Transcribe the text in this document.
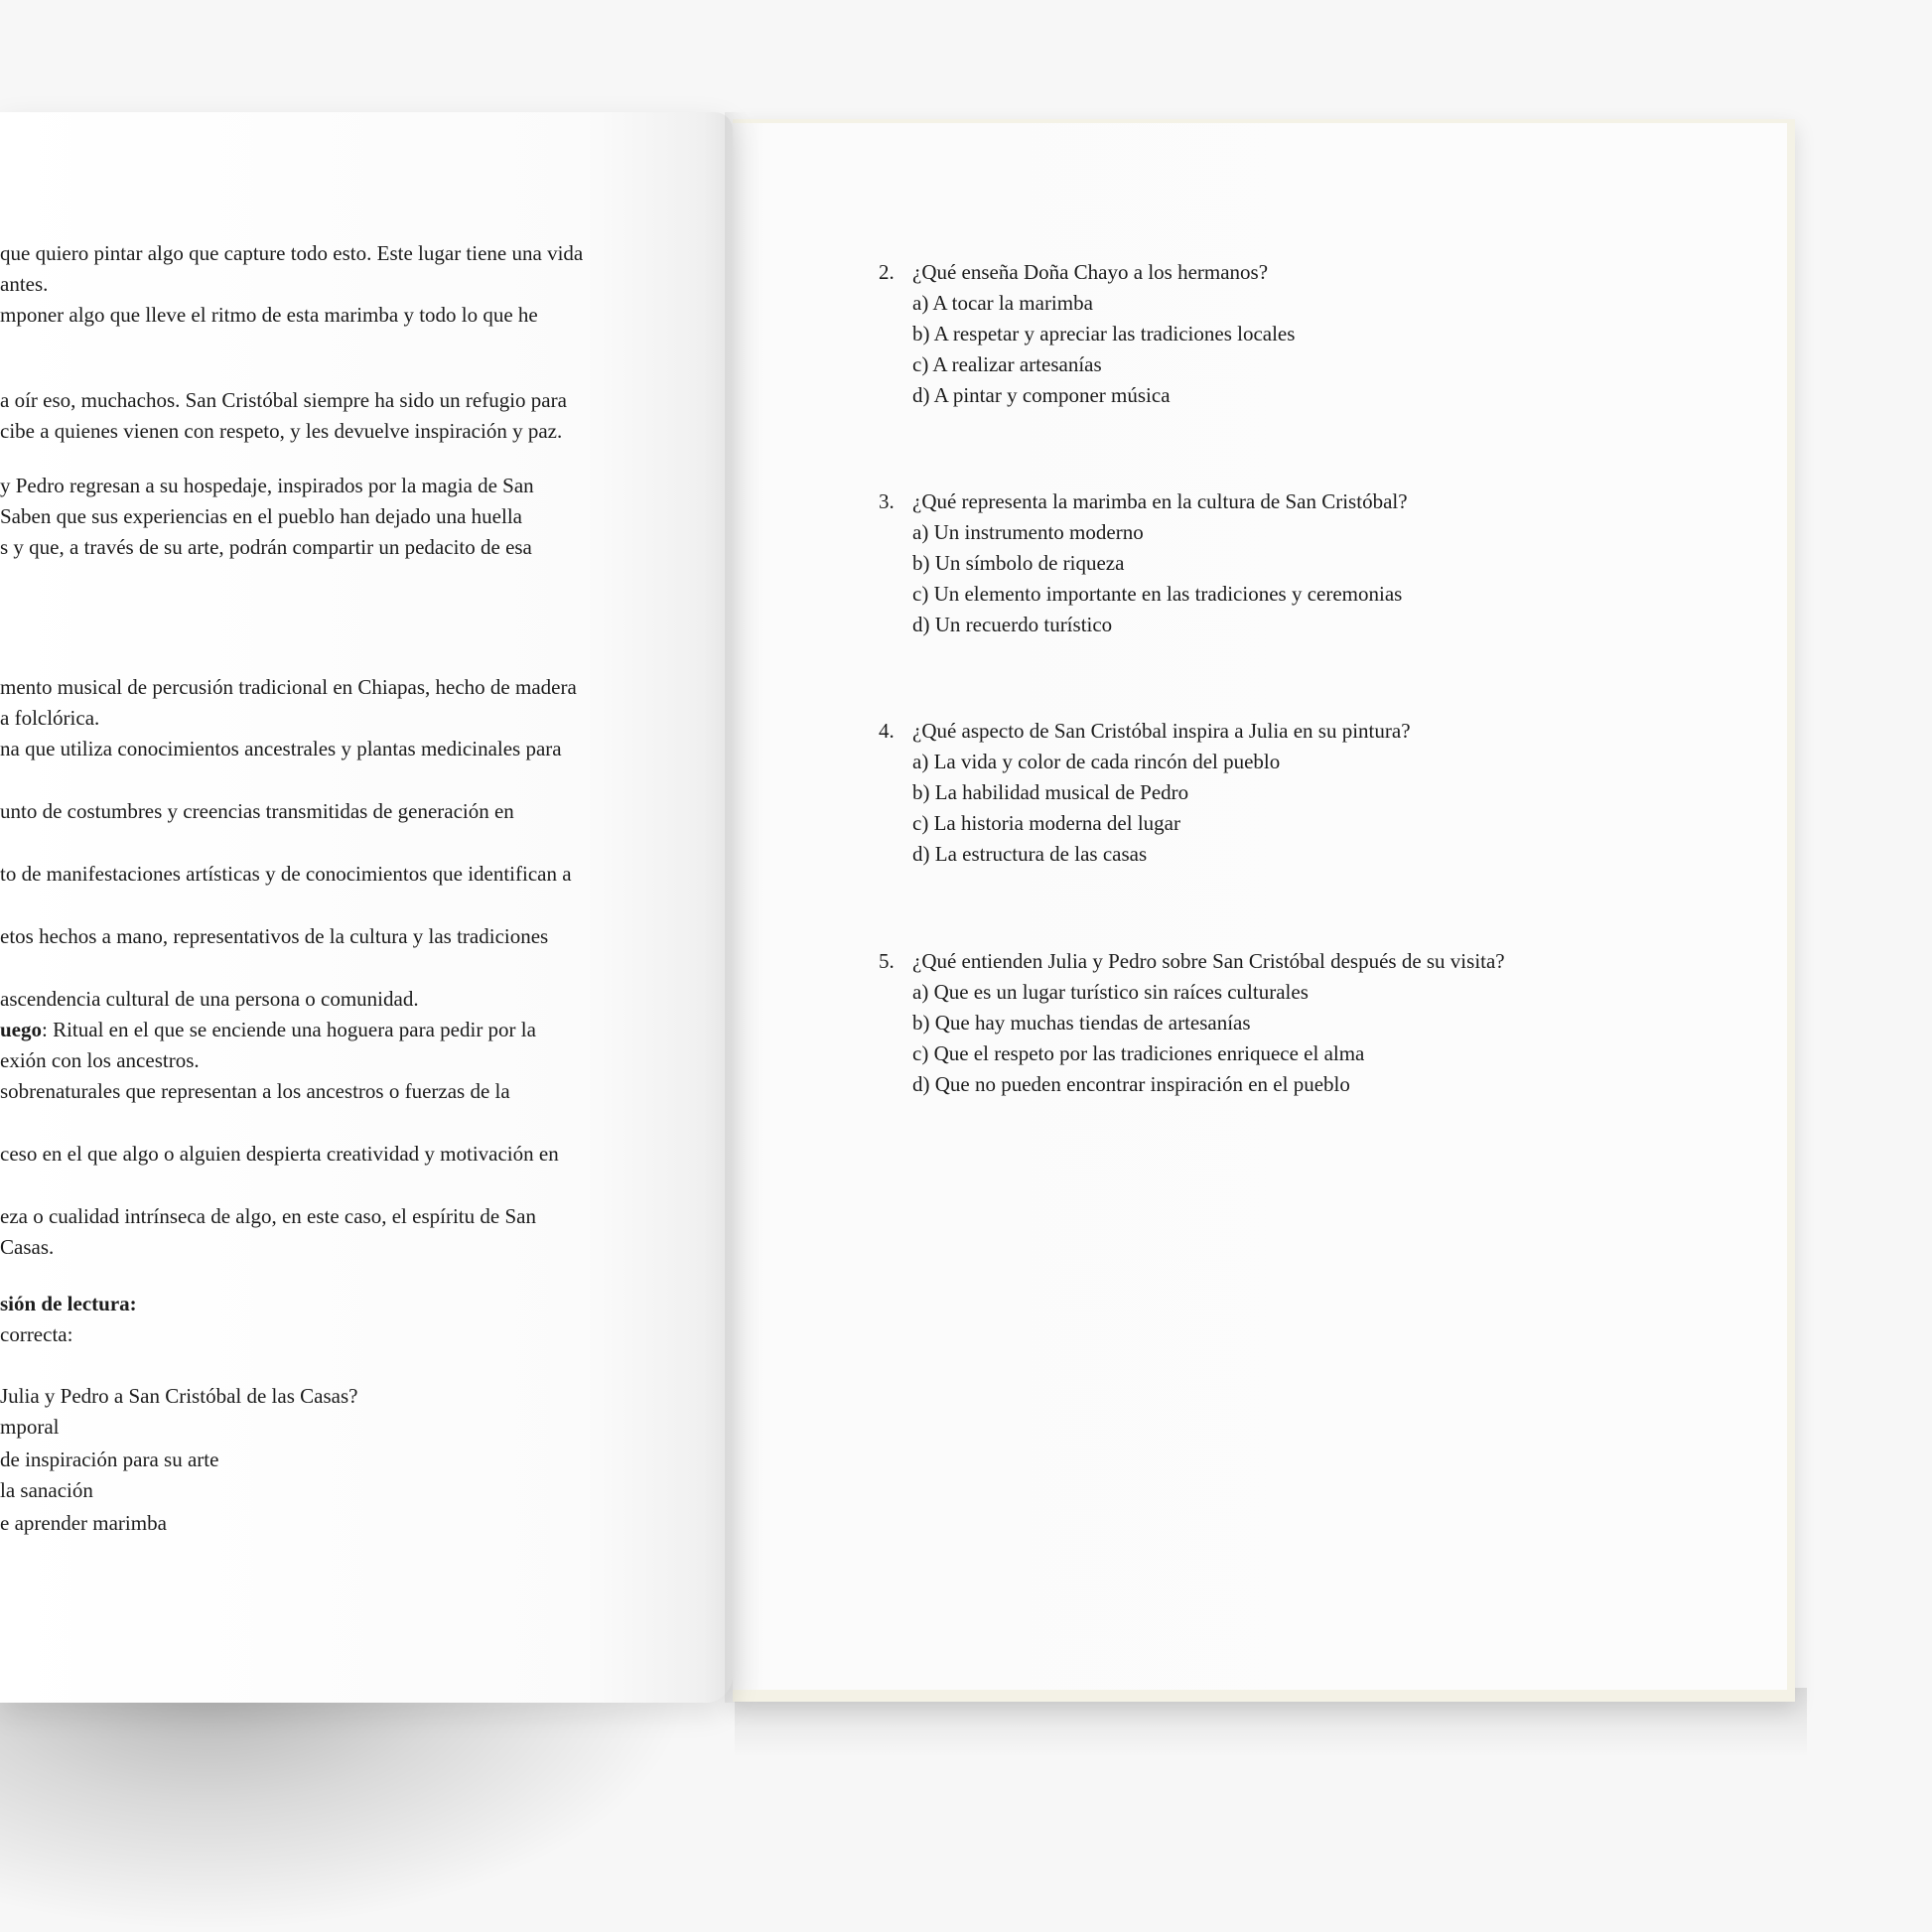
que quiero pintar algo que capture todo esto. Este lugar tiene una vida
antes.
mponer algo que lleve el ritmo de esta marimba y todo lo que he
a oír eso, muchachos. San Cristóbal siempre ha sido un refugio para
cibe a quienes vienen con respeto, y les devuelve inspiración y paz.
y Pedro regresan a su hospedaje, inspirados por la magia de San
Saben que sus experiencias en el pueblo han dejado una huella
s y que, a través de su arte, podrán compartir un pedacito de esa
mento musical de percusión tradicional en Chiapas, hecho de madera
a folclórica.
na que utiliza conocimientos ancestrales y plantas medicinales para
unto de costumbres y creencias transmitidas de generación en
to de manifestaciones artísticas y de conocimientos que identifican a
etos hechos a mano, representativos de la cultura y las tradiciones
ascendencia cultural de una persona o comunidad.
uego: Ritual en el que se enciende una hoguera para pedir por la
exión con los ancestros.
sobrenaturales que representan a los ancestros o fuerzas de la
ceso en el que algo o alguien despierta creatividad y motivación en
eza o cualidad intrínseca de algo, en este caso, el espíritu de San
Casas.
sión de lectura:
correcta:
Julia y Pedro a San Cristóbal de las Casas?
mporal
de inspiración para su arte
la sanación
e aprender marimba
2. ¿Qué enseña Doña Chayo a los hermanos?
a) A tocar la marimba
b) A respetar y apreciar las tradiciones locales
c) A realizar artesanías
d) A pintar y componer música
3. ¿Qué representa la marimba en la cultura de San Cristóbal?
a) Un instrumento moderno
b) Un símbolo de riqueza
c) Un elemento importante en las tradiciones y ceremonias
d) Un recuerdo turístico
4. ¿Qué aspecto de San Cristóbal inspira a Julia en su pintura?
a) La vida y color de cada rincón del pueblo
b) La habilidad musical de Pedro
c) La historia moderna del lugar
d) La estructura de las casas
5. ¿Qué entienden Julia y Pedro sobre San Cristóbal después de su visita?
a) Que es un lugar turístico sin raíces culturales
b) Que hay muchas tiendas de artesanías
c) Que el respeto por las tradiciones enriquece el alma
d) Que no pueden encontrar inspiración en el pueblo
